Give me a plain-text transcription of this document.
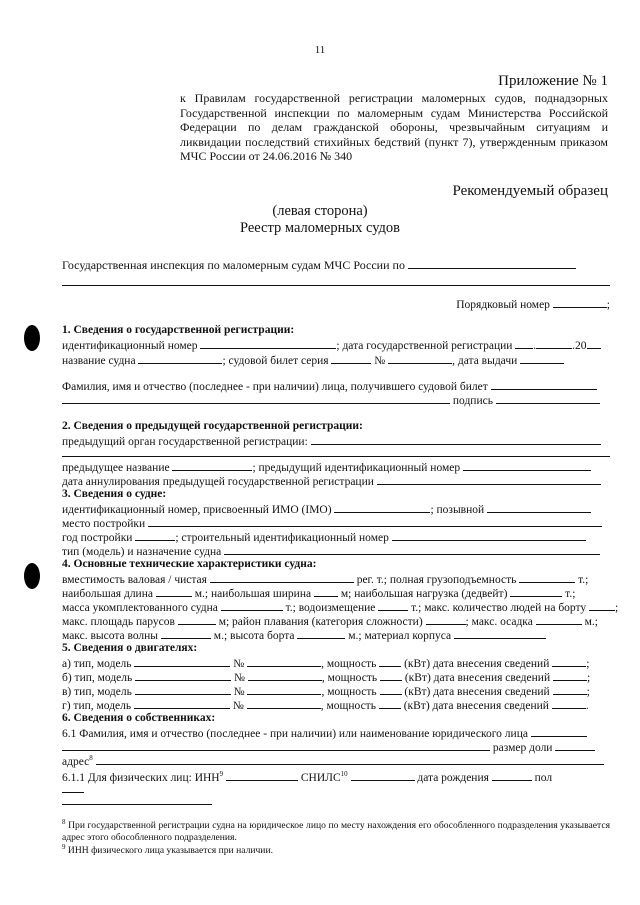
11
Приложение № 1
к Правилам государственной регистрации маломерных судов, поднадзорных Государственной инспекции по маломерным судам Министерства Российской Федерации по делам гражданской обороны, чрезвычайным ситуациям и ликвидации последствий стихийных бедствий (пункт 7), утвержденным приказом МЧС России от 24.06.2016 № 340
Рекомендуемый образец
(левая сторона)
Реестр маломерных судов
Государственная инспекция по маломерным судам МЧС России по
Порядковый номер	;
1. Сведения о государственной регистрации:
идентификационный номер	; дата государственной регистрации .	.20
название судна	; судовой билет серия	№	, дата выдачи
Фамилия, имя и отчество (последнее - при наличии) лица, получившего судовой билет
подпись
2. Сведения о предыдущей государственной регистрации:
предыдущий орган государственной регистрации:
предыдущее название	; предыдущий идентификационный номер
дата аннулирования предыдущей государственной регистрации
3. Сведения о судне:
идентификационный номер, присвоенный ИМО (IMO)	; позывной
место постройки
год постройки	; строительный идентификационный номер
тип (модель) и назначение судна
4. Основные технические характеристики судна:
вместимость валовая / чистая	рег. т.; полная грузоподъемность	т.;
наибольшая длина	м.; наибольшая ширина	м; наибольшая нагрузка (дедвейт)	т.;
масса укомплектованного судна	т.; водоизмещение	т.; макс. количество людей на борту	;
макс. площадь парусов	м; район плавания (категория сложности)	; макс. осадка	м.;
макс. высота волны	м.; высота борта	м.; материал корпуса
5. Сведения о двигателях:
а) тип, модель	№	, мощность (кВт) дата внесения сведений	;
б) тип, модель	№	, мощность (кВт) дата внесения сведений	;
в) тип, модель	№	, мощность (кВт) дата внесения сведений	;
г) тип, модель	№	, мощность (кВт) дата внесения сведений	.
6. Сведения о собственниках:
6.1 Фамилия, имя и отчество (последнее - при наличии) или наименование юридического лица
размер доли
адрес$^8$
6.1.1 Для физических лиц: ИНН$^9$	СНИЛС$^{10}$	дата рождения	пол
$^8$ При государственной регистрации судна на юридическое лицо по месту нахождения его обособленного подразделения указывается адрес этого обособленного подразделения.
$^9$ ИНН физического лица указывается при наличии.
